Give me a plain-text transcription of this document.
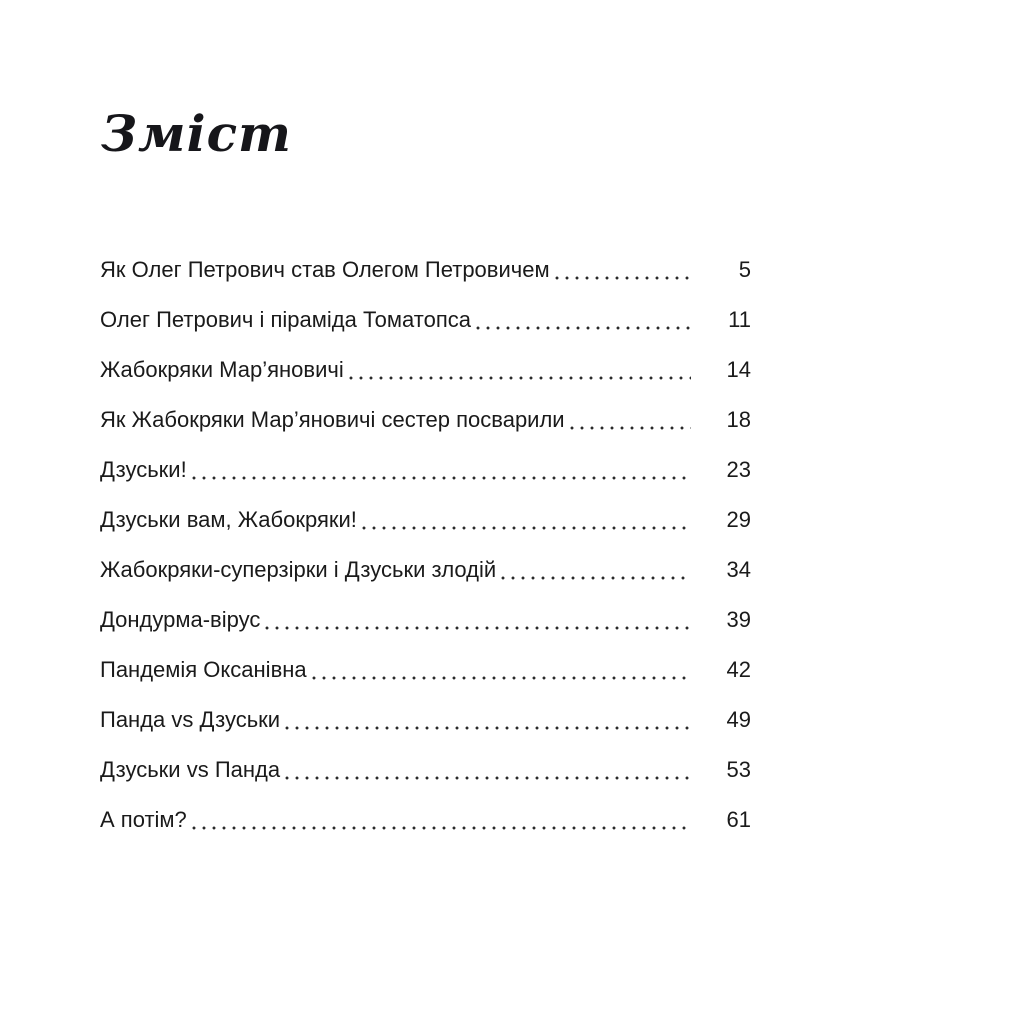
Зміст
Як Олег Петрович став Олегом Петровичем	5
Олег Петрович і піраміда Томатопса	11
Жабокряки Мар’яновичі	14
Як Жабокряки Мар’яновичі сестер посварили	18
Дзуськи!	23
Дзуськи вам, Жабокряки!	29
Жабокряки-суперзірки і Дзуськи злодій	34
Дондурма-вірус	39
Пандемія Оксанівна	42
Панда vs Дзуськи	49
Дзуськи vs Панда	53
А потім?	61
